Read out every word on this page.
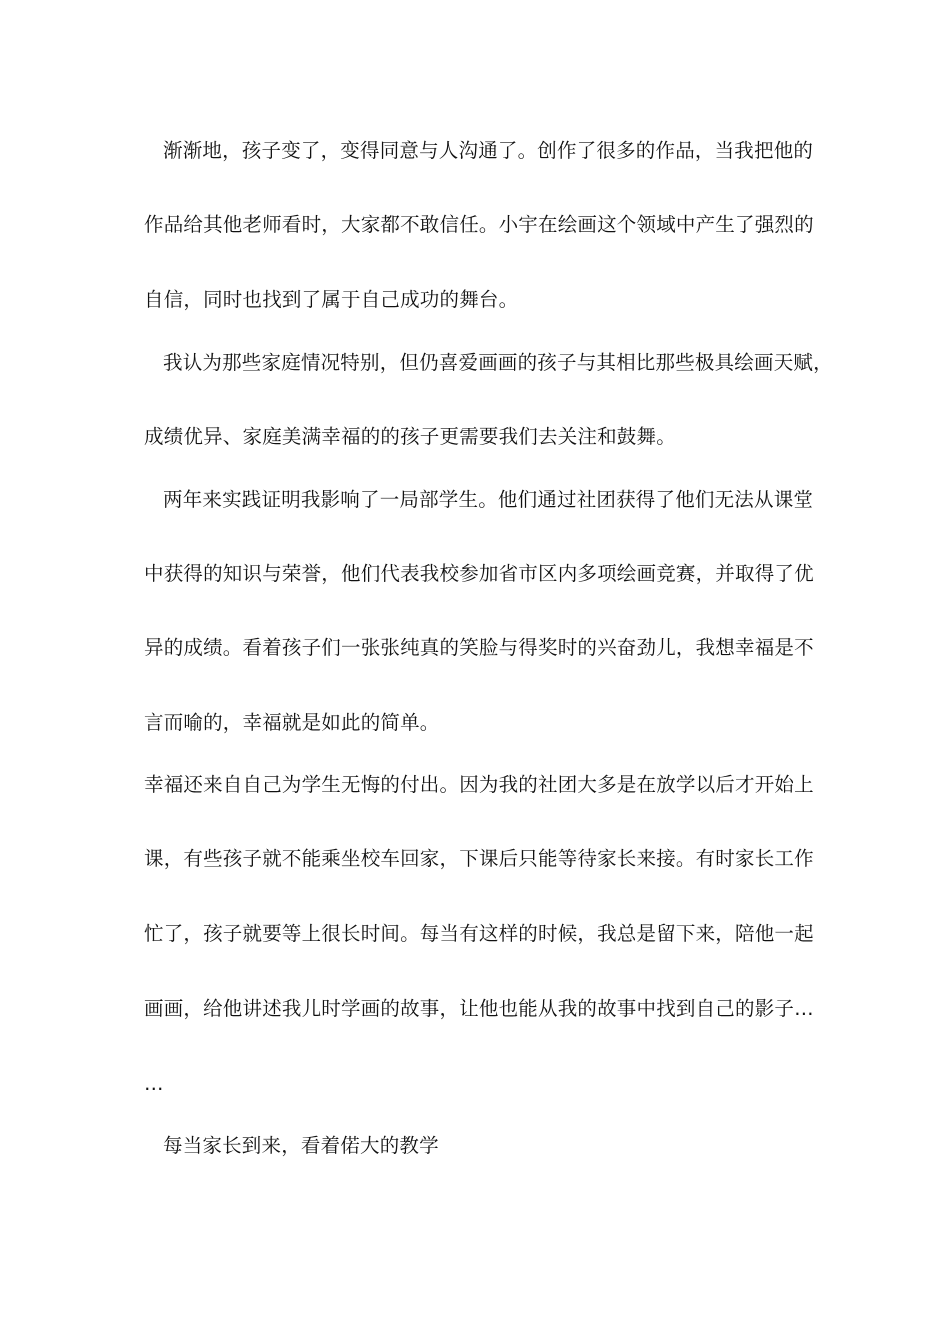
渐渐地，孩子变了，变得同意与人沟通了。创作了很多的作品，当我把他的
作品给其他老师看时，大家都不敢信任。小宇在绘画这个领域中产生了强烈的
自信，同时也找到了属于自己成功的舞台。
我认为那些家庭情况特别，但仍喜爱画画的孩子与其相比那些极具绘画天赋，
成绩优异、家庭美满幸福的的孩子更需要我们去关注和鼓舞。
两年来实践证明我影响了一局部学生。他们通过社团获得了他们无法从课堂
中获得的知识与荣誉，他们代表我校参加省市区内多项绘画竞赛，并取得了优
异的成绩。看着孩子们一张张纯真的笑脸与得奖时的兴奋劲儿，我想幸福是不
言而喻的，幸福就是如此的简单。
幸福还来自自己为学生无悔的付出。因为我的社团大多是在放学以后才开始上
课，有些孩子就不能乘坐校车回家，下课后只能等待家长来接。有时家长工作
忙了，孩子就要等上很长时间。每当有这样的时候，我总是留下来，陪他一起
画画，给他讲述我儿时学画的故事，让他也能从我的故事中找到自己的影子…
…
每当家长到来，看着偌大的教学
